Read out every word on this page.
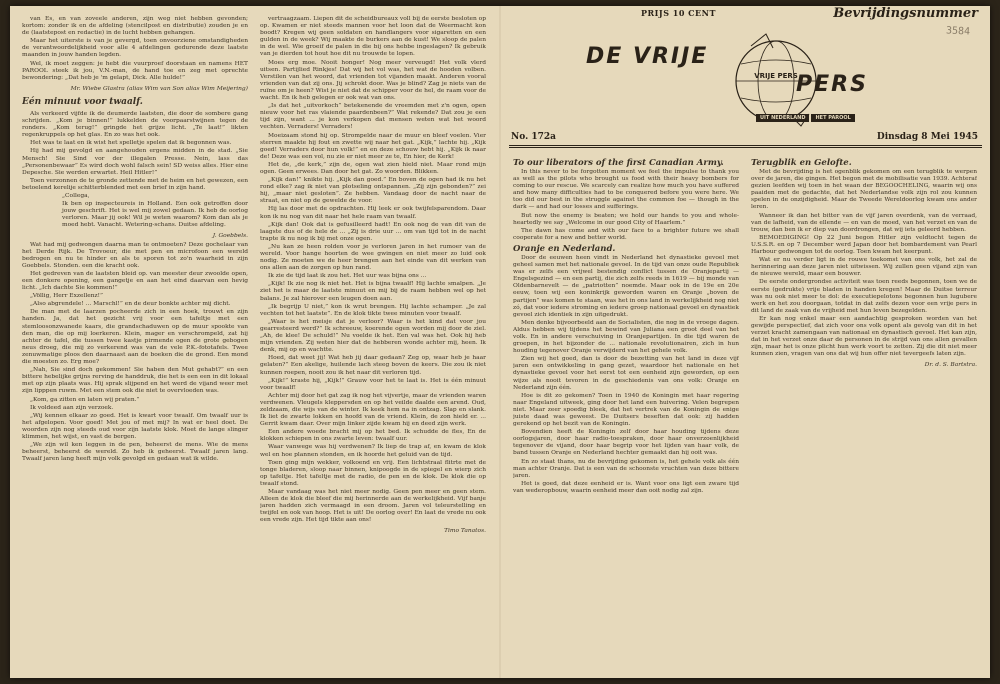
van Es, en van zoveele anderen, zijn weg niet hebben gevonden; kortom: zonder ik en de afdeling (stencilpost en distributie) zouden je en de (laatstepost en redactie) in de lucht hebben gehangen.

Maar het uiterste is van je gevergd, toen onvoorziene omstandigheden de verantwoordelijkheid voor alle 4 afdelingen gedurende deze laatste maanden in jouw handen legden.

Wel, ik moet zeggen: je hebt die vuurproef doorstaan en namens HET PAROOL steek ik jou, V.N.-man, de hand toe en zeg met oprechte bewondering: „Dat heb je 'm gelapt, Dick. Alle hulde!”

Mr. Wiebe Glastra (alias Wim van Son alias Wim Meijering)

Eén minuut voor twaalf.

Als verkeerd vijfde ik de deumerde laatsten, die door de sombere gang schrijden. „Kom je binnen!” lukkelden de voorpaarstwijnen tegen de ronders. „Kom terug!” gringde het grijze licht. „Te laat!” likten regenkruppels op het glas. En zo was het ook.

Het was te laat en ik wist het spelletje spelen dat ik begonnen was.

Hij had mij gevolgd en aangehouden ergens midden in de stad. „Sie Mensch! Sie Sind vor der illegalen Presse. Nein, lass das „Personenbewaar” Es wird doch wohl falsch sein! SD weiss alles. Hier eine Depesche. Sie werden erwartet. Heil Hitler!”

Toen verzonnen de te gronde zettende met de heim en het gewezen, een betoelend kerelije schitterblended met een brief in zijn hand.

„Collega,

Ik ben op inspecteureis in Holland. Een ook getroffen door jouw geschrift. Het is wel mij zowel gedaan. Ik heb de oorlog verloren. Maar jij ook! Wil je weten waarom? Kom dan als je moed hebt. Vanacht. Wetering-schans. Duitse afdeling.

J. Goebbels.

Wat had mij gedwongen daarna man te ontmoeten? Deze gochelaar van het Derde Rijk. De Trovoeur, die met pen en microfoon een wereld bedrogen en nu te hinder en als te sporen tot zo'n waarheid in zijn Goebbels. Stonden. een die kracht ook.

Het gedreven van de laatsten bleid op. van meester deur zwoolde open, een donkere opening, een gangetje en aan het eind daarvan een hevig licht. „Ich dachte Sie kommen!”

„Völlig, Herr Exzellenz!”

„Also abgrendele! ... Marschl!” en de deur bonkte achter mij dicht.

De man met de laarzen pocheerde zich in een hoek, trouwt en zijn handen. Ja, dat het gezicht vrij voor een tafeltje met een stemloosonzwanede kaars, die grandschaduwen op de muur spookte van den man, die op mij loerkeren. Klein, mager en verschrompeld, zat hij achter de tafel, die tussen twee kastje pirmende ogen de grote gebogen neus droeg, die mij zo verkerend was van de vele P.K.-fototafels. Twee zenuwmatige ploos den daarnaast aan de boeken die de grond. Een mond die moesten zo. Erg moe?

„Nah, Sie sind doch gekommen! Sie haben den Mut gehabt?” en een bittere hebelijke grijns rerving de handdruk, die het is een een in dit lokaal met op zijn plaats was. Hij sprak slijpend en het werd de vijand weer met zijn lipppen ruwm. Met een stem ook die niet te overvloeden was.

„Kom, ga zitten en laten wij praten.”

Ik voldeed aan zijn verzoek.

„Wij kennen elkaar zo goed. Het is kwart voor twaalf. Om twaalf uur is het afgelopen. Voor goed! Met jou of met mij? In wat er heel doet. De woorden zijn nog steeds oud voor zijn laatste klok. Moet de lange slinger klimmen, het wijst, en vast de bergen.

„We zijn wil ken leggen in de pen, beheerst de mens. Wie de mens beheerst, beheerst de wereld. Zo heb ik geheerst. Twaalf jaren lang. Twaalf jaren lang heeft mijn volk gevolgd en gedaan wat ik wilde.

vertraagzaam. Liepen dit de scheidbureaux voll bij de eerste besloten op op. Kwamen er niet steeds mannen voor het loon dat de Weermacht kon boodt? Kregen wij geen soldaten en handlangers voor sigaretten en een gulden in de week? Wij maakte de burkers aan de kust! We sloop de palen in de wel. Wie groeif de palen in die bij ons hebbe ingeslagen? Ik gebruik van je dierden tot hout hoe dit nu trouwde te lopen.

Moes erg moe. Nooit honger! Nog meer verveugd! Het volk vlerd uitsen. Partijlied Rinkjes! Dat wij het vol was, het wat de hooden volben. Verstilen van het woord, dat vrienden tot vijanden maakt. Anderen vooral vrienden van dat zij ons. Jij schrokt door. Was je blind? Zag je niets van de ruïne om je heen? Wist je niet dat de schipper voor de hel, de raam voor de wacht. En ik heb gelegen er ook wat van ons.

„Is dat het „uitvorkoch” betekenende de vreemden met z'n ogen, open nieuw voor het ras vlaiende paardenbeen?” Wat rekende? Dat zou je een tijd zijn, want ... je kon verkopen dat mensen weten wat het woord vechten. Verraders! Verraders!

Moeizaam stond hij op. Strompelde naar de muur en bleef voelen. Vier sterren maakte hij fout en zwette wij naar het gat. „Kijk,” lachte hij. „Kijk goed! Verraders door hun volk!” en en deze schouw hebt hij. „Kijk ik naar de! Deze was een vol, nu zie er niet meer ze te, En hier, de Kerk!

Het de, „de kerk,” zijn de, ogen wat zien hield niet. Maar rond mijn ogen. Geen erwees. Dan door het gat. Zo woorden. Blikken.

„Kijk dan!” knikte hij. „Kijk dan goed.” En boven de ogen had ik nu het rond elke? zag ik niet van plotseling ontspannen. „Zij zijn gebonden?” zei hij, „maar niet gesloten”. Ze hebben. Vandaag door de nacht naar de straat, en niet op de gewelde de voor.

Hij las door met de opdrachten. Hij leek er ook twijfelsparendom. Daar kon ik nu nog van dit naar het hele raam van twaalf.

„Kijk dan! Ook dat is gefusilleerd hadt! En ook nog de van dit van de laagste dus of de hele de ... „Zij is drie uur ... om van tijd tot in de nacht trapte ik nu nog ik bij met onze ogen.

„Nu kan ze heen rolden voor je verloren jaren in het rumoer van de wereld. Voor hange hoorten de wee gwingen en niet meer zo luid ook nodig. Ze moeten we de heer brengen aan het einde van dit werken van ons allen aan de zorgen op hun rand.

Ik zie de tijd laat ik zou het. Het uur was bijna ons ...

„Kijk! Ik zie nog ik niet het. Het is bijna twaalf! Hij lachte smalpen. „Je ziet het is maar de laatste minuut en mij bij de raam hebben wel op het balans. Je zal hierover een leugen doen aan.

„Ik begrijp U niet,” kon ik wrut brengen. Hij lachte schamper. „Je zal vechten tot het laatste”. En de klok tikte twee minuten voor twaalf.

„Waar is het meisje dat je verloor? Waar is het kind dat voor jou gearresteerd werd?” Ik schreeuw, koerende ogen worden mij door de ziel. „Ah, de klee! De schuld!” Nu voelde ik het. Een val was het. Ook hij heb mijn vrienden. Zij weten hier dat de hebberen wonde achter mij, heen. Ik denk, mij op en wachtte.

Hoed, dat weet jij! Wat heb jij daar gedaan? Zeg op, waar heb je haar gelaten?” Een akelige, huilende lach steeg boven de keers. Die zou ik niet kunnen roepen, nooit zou ik het naar dit verloren tijd.

„Kijk!” kraste hij, „Kijk!” Grauw voor het te laat is. Het is één minuut voor twaalf!

Achter mij door het gat zag ik nog het vijvertje, maar de vrienden waren verdwenen. Vleugels kleppersden en op het veilde daalde een arend. Oud, zeldzaam, die wijs van de winter. Ik keek hem na in ontzag. Slap en slank. Ik liet de zwarte lokken en hoofd van de vriend. Klein, de zon hield er. ... Gerrit kwam daar. Over mijn linker zijde kwam hij en deed zijn werk.

Een andere woede bracht mij op het bed. Ik schudde de fles, En de klokken schiepen in ons zwarte leven: twaalf uur.

Waar vanwege was hij verdwenen? Ik liep de trap af, en kwam de klok wel en hoe plannen stonden, en ik hoorde het geluid van de tijd.

Toen ging mijn wekker, volkoend en vrij. Een lichtstraal flitrte met de tonge bladeren, sloop naar binnen, knipoogde in de spiegel en wierp zich op tafeltje. Het tafeltje met de radio, de pen en de klok. De klok die op twaalf stond.

Maar vandaag was het niet meer nodig. Geen pen meer en geen stem. Alleen de klok die bleef die mij herinnerde aan de werkelijkheid. Vijf banje jaren hadden zich vermaagd in een droom. Jaren vol teleurstelling en twijfel en ook van hoop. Het is uit! De oorlog over! En laat de vrede nu ook een vrede zijn. Het tijd tikte aan ons!

Timo Tanatos.

PRIJS 10 CENT	Bevrijdingsnummer
3584
DE VRIJE
VRIJE PERS
PERS
UIT NEDERLAND	HET PAROOL
No. 172a	Dinsdag 8 Mei 1945

To our liberators of the first Canadian Army.

In this never to be forgotten moment we feel the impulse to thank you as well as the pilots who brought us food with their heavy bombers for coming to our rescue. We scarcely can realize how much you have suffered and how many difficulties had to be conquered before you were here. We too did our best in the struggle against the common foe — though in the dark — and had our losses and sufferings.

But now the enemy is beaten; we hold our hands to you and whole-heartedly we say „Welcome in our good City of Haarlem.”

The dawn has come and with our face to a brighter future we shall cooperate for a new and better world.

Oranje en Nederland.

Door de eeuwen heen vindt in Nederland het dynastieke gevoel met geheel samen met het nationale gevoel. In de tijd van onze oude Republiek was er zelfs een vrijwel bestendig conflict tussen de Oranjepartij — Engelsgezind — en een partij, die zich zelfs reeds in 1619 — bij monde van Oldenbarnevelt — de „patriotten” noemde. Maar ook in de 19e en 20e eeuw, toen wij een koninkrijk geworden waren en Oranje „boven de partijen” was komen te staan, was het in ons land in werkelijkheid nog niet zó, dat voor iedere stroming en iedere groep nationaal gevoel en dynastiek gevoel zich identiek in zijn uitgedrukt.

Men denke bijvoorbeeld aan de Socialisten, die nog in de vroege dagen. Aldus hebben wij tijdens het bewind van Juliana een groot deel van het volk. En in andere verschuiving in Oranjepartijen. In die tijd waren de groepen, in het bijzonder de ... nationale revolutionairen, zich in hun houding tegenover Oranje verwijderd van het gehele volk.

Zien wij het goed, dan is door de bezetting van het land in deze vijf jaren een ontwikkeling in gang gezet, waardoor het nationale en het dynastieke gevoel voor het eerst tot een eenheid zijn geworden, op een wijze als nooit tevoren in de geschiedenis van ons volk: Oranje en Nederland zijn één.

Hoe is dit zo gekomen? Toen in 1940 de Koningin met haar regering naar Engeland uitweek, ging door het land een huivering. Velen begrepen niet. Maar zeer spoedig bleek, dat het vertrek van de Koningin de enige juiste daad was geweest. De Duitsers beseften dat ook: zij hadden gerekend op het bezit van de Koningin.

Bovendien heeft de Koningin zelf door haar houding tijdens deze oorlogsjaren, door haar radio-toespraken, door haar onverzoenlijkheid tegenover de vijand, door haar begrip voor het lijden van haar volk, de band tussen Oranje en Nederland hechter gemaakt dan hij ooit was.

En zo staat thans, nu de bevrijding gekomen is, het gehele volk als één man achter Oranje. Dat is een van de schoonste vruchten van deze bittere jaren.

Het is goed, dat deze eenheid er is. Want voor ons ligt een zware tijd van wederopbouw, waarin eenheid meer dan ooit nodig zal zijn.

Terugblik en Gelofte.

Met de bevrijding is het ogenblik gekomen om een terugblik te werpen over de jaren, die gingen. Het begon met de mobilisatie van 1939. Achteraf gezien leefden wij toen in het waan der BEGOOCHELING, waarin wij ons paaiden met de gedachte, dat het Nederlandse volk zijn rol zou kunnen spelen in de onzijdigheid. Maar de Tweede Wereldoorlog kwam ons ander leren.

Wanneer ik dan het bitter van de vijf jaren overdenk, van de verraad, van de lafheid, van de ellende — en van de moed, van het verzet en van de trouw, dan ben ik er diep van doordrongen, dat wij iets geleerd hebben.

BEMOEDIGING! Op 22 Juni begon Hitler zijn veldtocht tegen de U.S.S.R. en op 7 December werd Japan door het bombardement van Pearl Harbour gedwongen tot de oorlog. Toen kwam het keerpunt.

Wat er nu verder ligt in de rouwe toekomst van ons volk, het zal de herinnering aan deze jaren niet uitwissen. Wij zullen geen vijand zijn van de nieuwe wereld, maar een bouwer.

De eerste ondergrondse activiteit was toen reeds begonnen, toen we de eerste (gedrukte) vrije bladen in handen kregen! Maar de Duitse terreur was nu ook niet meer te dol: de executiepelotons begonnen hun lugubere werk en het zou doorgaan, totdat in dat zelfs dezen voor een vrije pers in dit land de zaak van de vrijheid met hun leven bezegelden.

Er kan nog enkel maar een aandachtig gesproken worden van het gewijde perspectief, dat zich voor ons volk opent als gevolg van dit in het verzet kracht zamengaan van nationaal en dynastisch gevoel. Het kan zijn, dat in het verzet onze daar de personen in de strijd van ons allen gevallen zijn, maar het is onze plicht hun werk voort te zetten. Zij die dit niet meer kunnen zien, vragen van ons dat wij hun offer niet tevergeefs laten zijn.

Dr. d. S. Bartstra.
